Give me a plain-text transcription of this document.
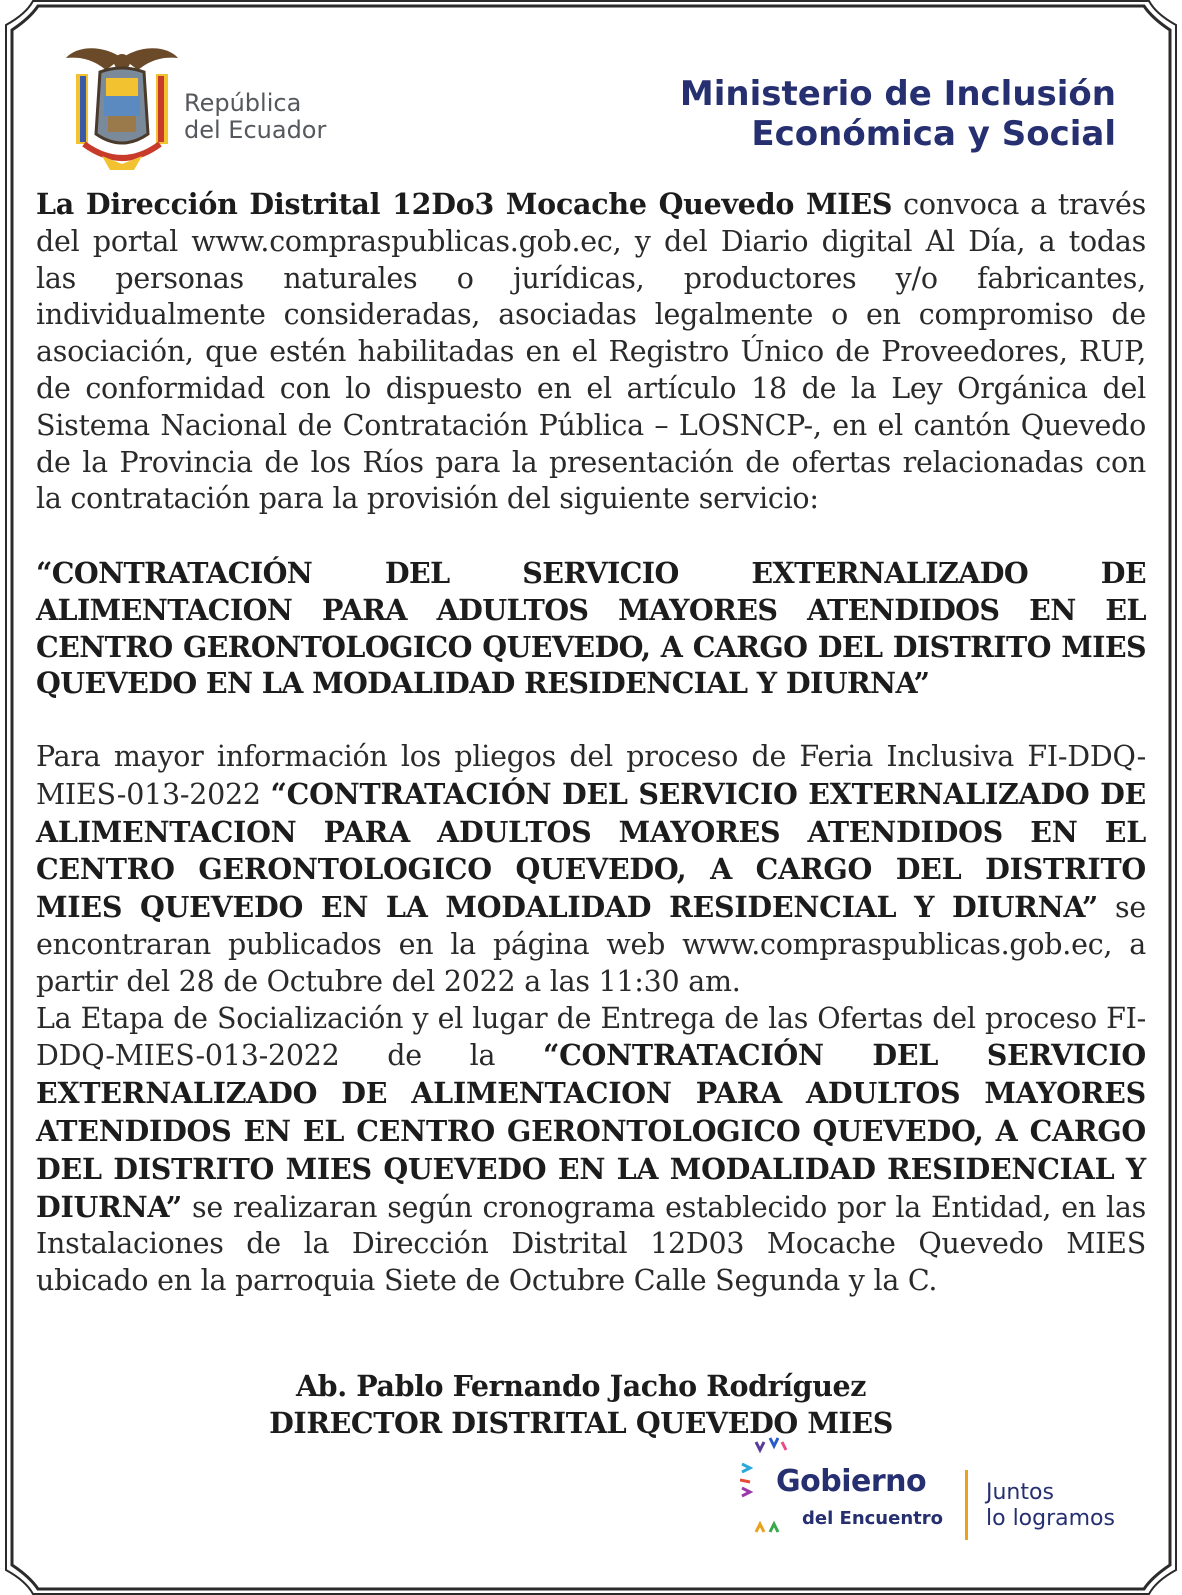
República
del Ecuador
Ministerio de Inclusión
Económica y Social

La Dirección Distrital 12Do3 Mocache Quevedo MIES convoca a través del portal www.compraspublicas.gob.ec, y del Diario digital Al Día, a todas las personas naturales o jurídicas, productores y/o fabricantes, individualmente consideradas, asociadas legalmente o en compromiso de asociación, que estén habilitadas en el Registro Único de Proveedores, RUP, de conformidad con lo dispuesto en el artículo 18 de la Ley Orgánica del Sistema Nacional de Contratación Pública – LOSNCP-, en el cantón Quevedo de la Provincia de los Ríos para la presentación de ofertas relacionadas con la contratación para la provisión del siguiente servicio:

“CONTRATACIÓN DEL SERVICIO EXTERNALIZADO DE ALIMENTACION PARA ADULTOS MAYORES ATENDIDOS EN EL CENTRO GERONTOLOGICO QUEVEDO, A CARGO DEL DISTRITO MIES QUEVEDO EN LA MODALIDAD RESIDENCIAL Y DIURNA”

Para mayor información los pliegos del proceso de Feria Inclusiva FI-DDQ-MIES-013-2022 “CONTRATACIÓN DEL SERVICIO EXTERNALIZADO DE ALIMENTACION PARA ADULTOS MAYORES ATENDIDOS EN EL CENTRO GERONTOLOGICO QUEVEDO, A CARGO DEL DISTRITO MIES QUEVEDO EN LA MODALIDAD RESIDENCIAL Y DIURNA” se encontraran publicados en la página web www.compraspublicas.gob.ec, a partir del 28 de Octubre del 2022 a las 11:30 am.

La Etapa de Socialización y el lugar de Entrega de las Ofertas del proceso FI-DDQ-MIES-013-2022 de la “CONTRATACIÓN DEL SERVICIO EXTERNALIZADO DE ALIMENTACION PARA ADULTOS MAYORES ATENDIDOS EN EL CENTRO GERONTOLOGICO QUEVEDO, A CARGO DEL DISTRITO MIES QUEVEDO EN LA MODALIDAD RESIDENCIAL Y DIURNA” se realizaran según cronograma establecido por la Entidad, en las Instalaciones de la Dirección Distrital 12D03 Mocache Quevedo MIES ubicado en la parroquia Siete de Octubre Calle Segunda y la C.

Ab. Pablo Fernando Jacho Rodríguez
DIRECTOR DISTRITAL QUEVEDO MIES
Gobierno
del Encuentro
Juntos
lo logramos
